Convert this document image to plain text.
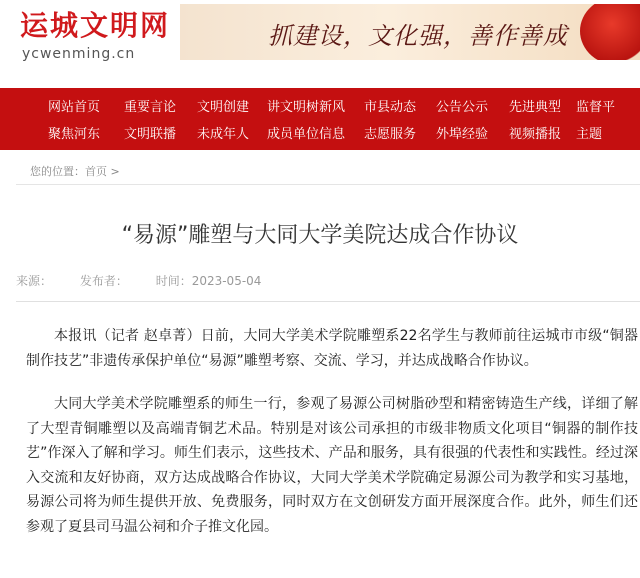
运城文明网
ycwenming.cn
抓建设，文化强，善作善成
网站首页	重要言论	文明创建	讲文明树新风	市县动态	公告公示	先进典型	监督平
聚焦河东	文明联播	未成年人	成员单位信息	志愿服务	外埠经验	视频播报	主题
您的位置：首页 >
“易源”雕塑与大同大学美院达成合作协议
来源： 发布者： 时间：2023-05-04

本报讯（记者 赵卓菁）日前，大同大学美术学院雕塑系22名学生与教师前往运城市市级“铜器制作技艺”非遗传承保护单位“易源”雕塑考察、交流、学习，并达成战略合作协议。

大同大学美术学院雕塑系的师生一行，参观了易源公司树脂砂型和精密铸造生产线，详细了解了大型青铜雕塑以及高端青铜艺术品。特别是对该公司承担的市级非物质文化项目“铜器的制作技艺”作深入了解和学习。师生们表示，这些技术、产品和服务，具有很强的代表性和实践性。经过深入交流和友好协商，双方达成战略合作协议，大同大学美术学院确定易源公司为教学和实习基地，易源公司将为师生提供开放、免费服务，同时双方在文创研发方面开展深度合作。此外，师生们还参观了夏县司马温公祠和介子推文化园。
